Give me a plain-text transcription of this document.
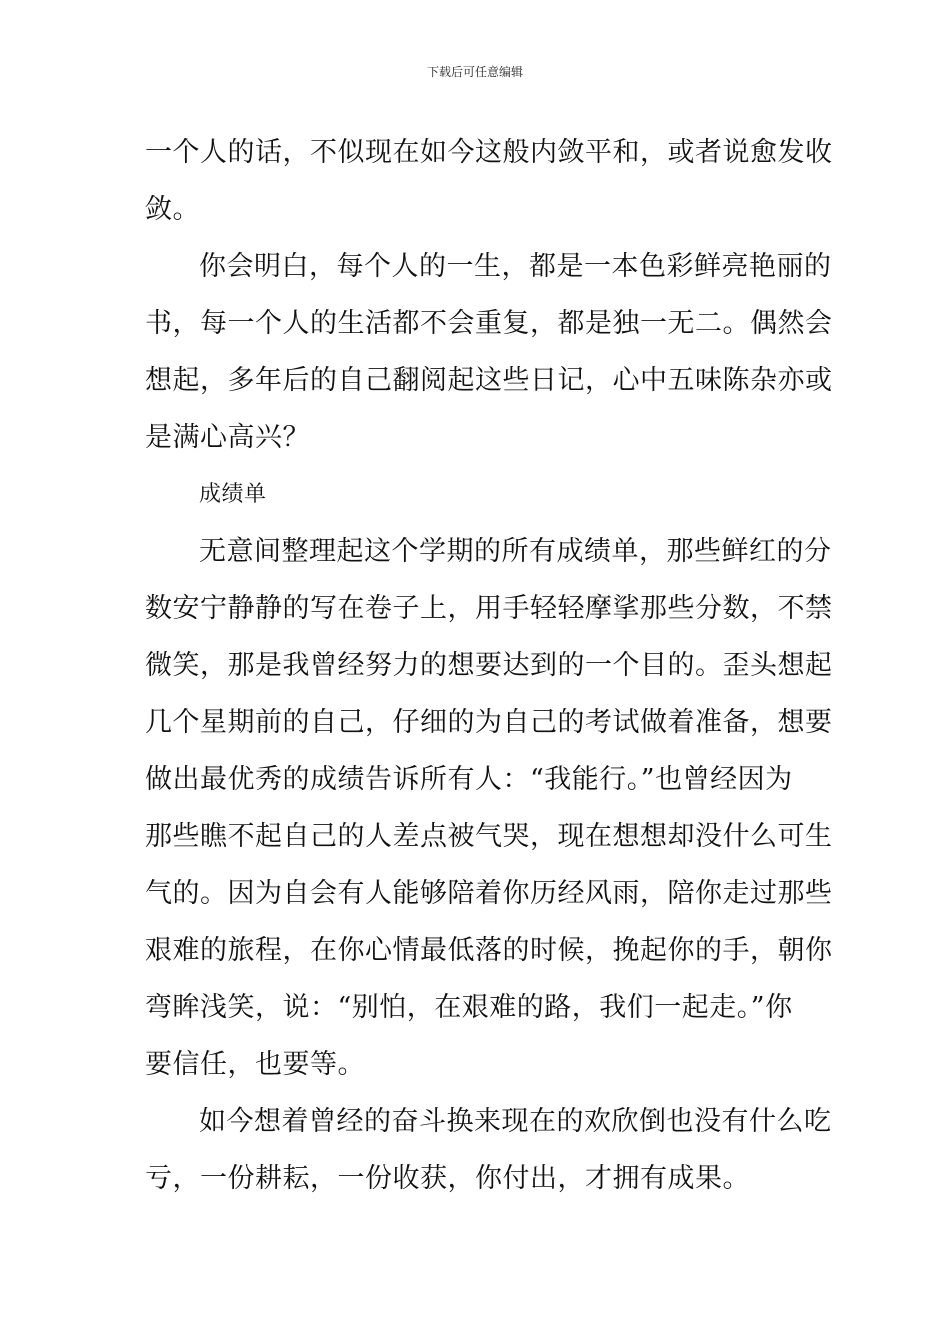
下载后可任意编辑
一个人的话，不似现在如今这般内敛平和，或者说愈发收
敛。
你会明白，每个人的一生，都是一本色彩鲜亮艳丽的
书，每一个人的生活都不会重复，都是独一无二。偶然会
想起，多年后的自己翻阅起这些日记，心中五味陈杂亦或
是满心高兴？
成绩单
无意间整理起这个学期的所有成绩单，那些鲜红的分
数安宁静静的写在卷子上，用手轻轻摩挲那些分数，不禁
微笑，那是我曾经努力的想要达到的一个目的。歪头想起
几个星期前的自己，仔细的为自己的考试做着准备，想要
做出最优秀的成绩告诉所有人：“我能行。”也曾经因为
那些瞧不起自己的人差点被气哭，现在想想却没什么可生
气的。因为自会有人能够陪着你历经风雨，陪你走过那些
艰难的旅程，在你心情最低落的时候，挽起你的手，朝你
弯眸浅笑，说：“别怕，在艰难的路，我们一起走。”你
要信任，也要等。
如今想着曾经的奋斗换来现在的欢欣倒也没有什么吃
亏，一份耕耘，一份收获，你付出，才拥有成果。
